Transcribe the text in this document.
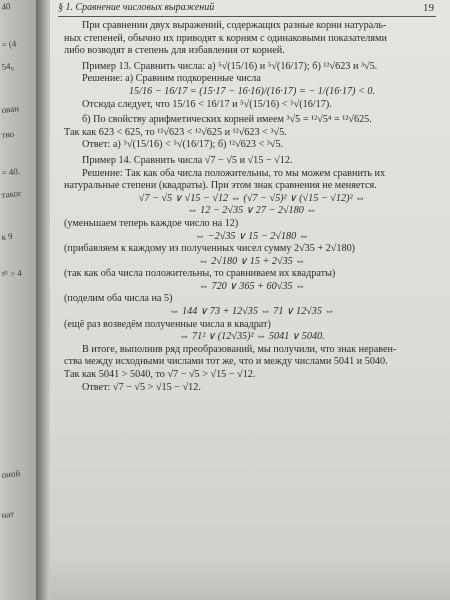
40
= (4
54₀
ован
тво
= 40.
таког
к 9
³⁰ > 4
оной
нат
§ 1. Сравнение числовых выражений	19

При сравнении двух выражений, содержащих разные корни натураль-

ных степеней, обычно их приводят к корням с одинаковыми показателями

либо возводят в степень для избавления от корней.

Пример 13. Сравнить числа: а) ⁵√(15/16) и ⁵√(16/17); б) ¹²√623 и ³√5.

Решение: а) Сравним подкоренные числа

15/16 − 16/17 = (15·17 − 16·16)/(16·17) = − 1/(16·17) < 0.

Отсюда следует, что 15/16 < 16/17 и ⁵√(15/16) < ⁵√(16/17).

б) По свойству арифметических корней имеем ³√5 = ¹²√5⁴ = ¹²√625.

Так как 623 < 625, то ¹²√623 < ¹²√625 и ¹²√623 < ³√5.

Ответ: а) ⁵√(15/16) < ⁵√(16/17); б) ¹²√623 < ³√5.

Пример 14. Сравнить числа √7 − √5 и √15 − √12.

Решение: Так как оба числа положительны, то мы можем сравнить их

натуральные степени (квадраты). При этом знак сравнения не меняется.

√7 − √5 ∨ √15 − √12 ⇔ (√7 − √5)² ∨ (√15 − √12)² ⇔

⇔ 12 − 2√35 ∨ 27 − 2√180 ⇔

(уменьшаем теперь каждое число на 12)

⇔ −2√35 ∨ 15 − 2√180 ⇔

(прибавляем к каждому из полученных чисел сумму 2√35 + 2√180)

⇔ 2√180 ∨ 15 + 2√35 ⇔

(так как оба числа положительны, то сравниваем их квадраты)

⇔ 720 ∨ 365 + 60√35 ⇔

(поделим оба числа на 5)

⇔ 144 ∨ 73 + 12√35 ⇔ 71 ∨ 12√35 ⇔

(ещё раз возведём полученные числа в квадрат)

⇔ 71² ∨ (12√35)² ⇔ 5041 ∨ 5040.

В итоге, выполнив ряд преобразований, мы получили, что знак неравен-

ства между исходными числами тот же, что и между числами 5041 и 5040.

Так как 5041 > 5040, то √7 − √5 > √15 − √12.

Ответ: √7 − √5 > √15 − √12.
